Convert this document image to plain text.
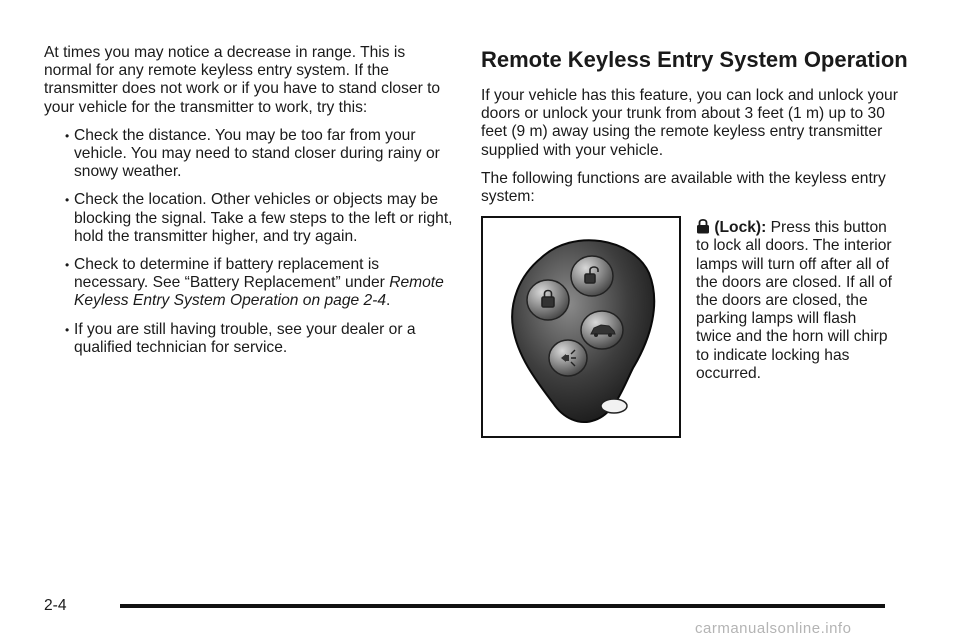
At times you may notice a decrease in range. This is normal for any remote keyless entry system. If the transmitter does not work or if you have to stand closer to your vehicle for the transmitter to work, try this:

• Check the distance. You may be too far from your vehicle. You may need to stand closer during rainy or snowy weather.
• Check the location. Other vehicles or objects may be blocking the signal. Take a few steps to the left or right, hold the transmitter higher, and try again.
• Check to determine if battery replacement is necessary. See “Battery Replacement” under Remote Keyless Entry System Operation on page 2-4.
• If you are still having trouble, see your dealer or a qualified technician for service.
Remote Keyless Entry System Operation

If your vehicle has this feature, you can lock and unlock your doors or unlock your trunk from about 3 feet (1 m) up to 30 feet (9 m) away using the remote keyless entry transmitter supplied with your vehicle.

The following functions are available with the keyless entry system:

(Lock): Press this button to lock all doors. The interior lamps will turn off after all of the doors are closed. If all of the doors are closed, the parking lamps will flash twice and the horn will chirp to indicate locking has occurred.
2-4
carmanualsonline.info
